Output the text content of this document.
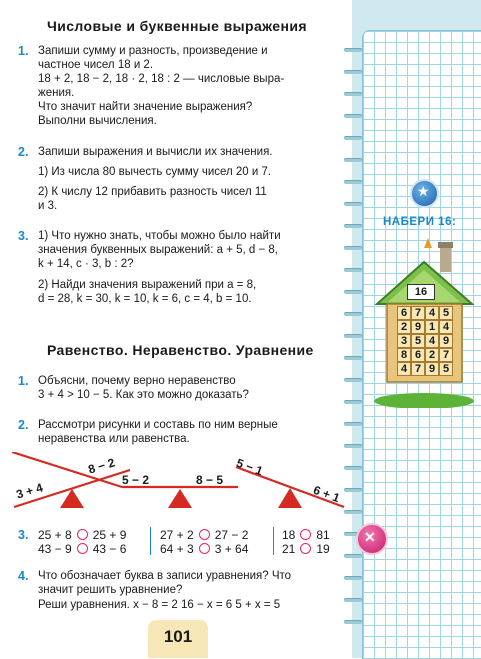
★
НАБЕРИ 16:
16
6 7 4 5
2 9 1 4
3 5 4 9
8 6 2 7
4 7 9 5
✕
Числовые и буквенные выражения
1. Запиши сумму и разность, произведение и
частное чисел 18 и 2.
18 + 2, 18 − 2, 18 · 2, 18 : 2 — числовые выра-
жения.
Что значит найти значение выражения?
Выполни вычисления.
2. Запиши выражения и вычисли их значения.
1) Из числа 80 вычесть сумму чисел 20 и 7.
2) К числу 12 прибавить разность чисел 11
и 3.
3. 1) Что нужно знать, чтобы можно было найти
значения буквенных выражений: a + 5, d − 8,
k + 14, c · 3, b : 2?
2) Найди значения выражений при a = 8,
d = 28, k = 30, k = 10, k = 6, c = 4, b = 10.
Равенство. Неравенство. Уравнение
1. Объясни, почему верно неравенство
3 + 4 > 10 − 5. Как это можно доказать?
2. Рассмотри рисунки и составь по ним верные
неравенства или равенства.
3 + 4
8 − 2
5 − 2	8 − 5
5 − 1
6 + 1
3. 25 + 8 25 + 9
43 − 9 43 − 6
27 + 2 27 − 2
64 + 3 3 + 64
18 81
21 19
4. Что обозначает буква в записи уравнения? Что
значит решить уравнение?
Реши уравнения. x − 8 = 2 16 − x = 6 5 + x = 5
101
